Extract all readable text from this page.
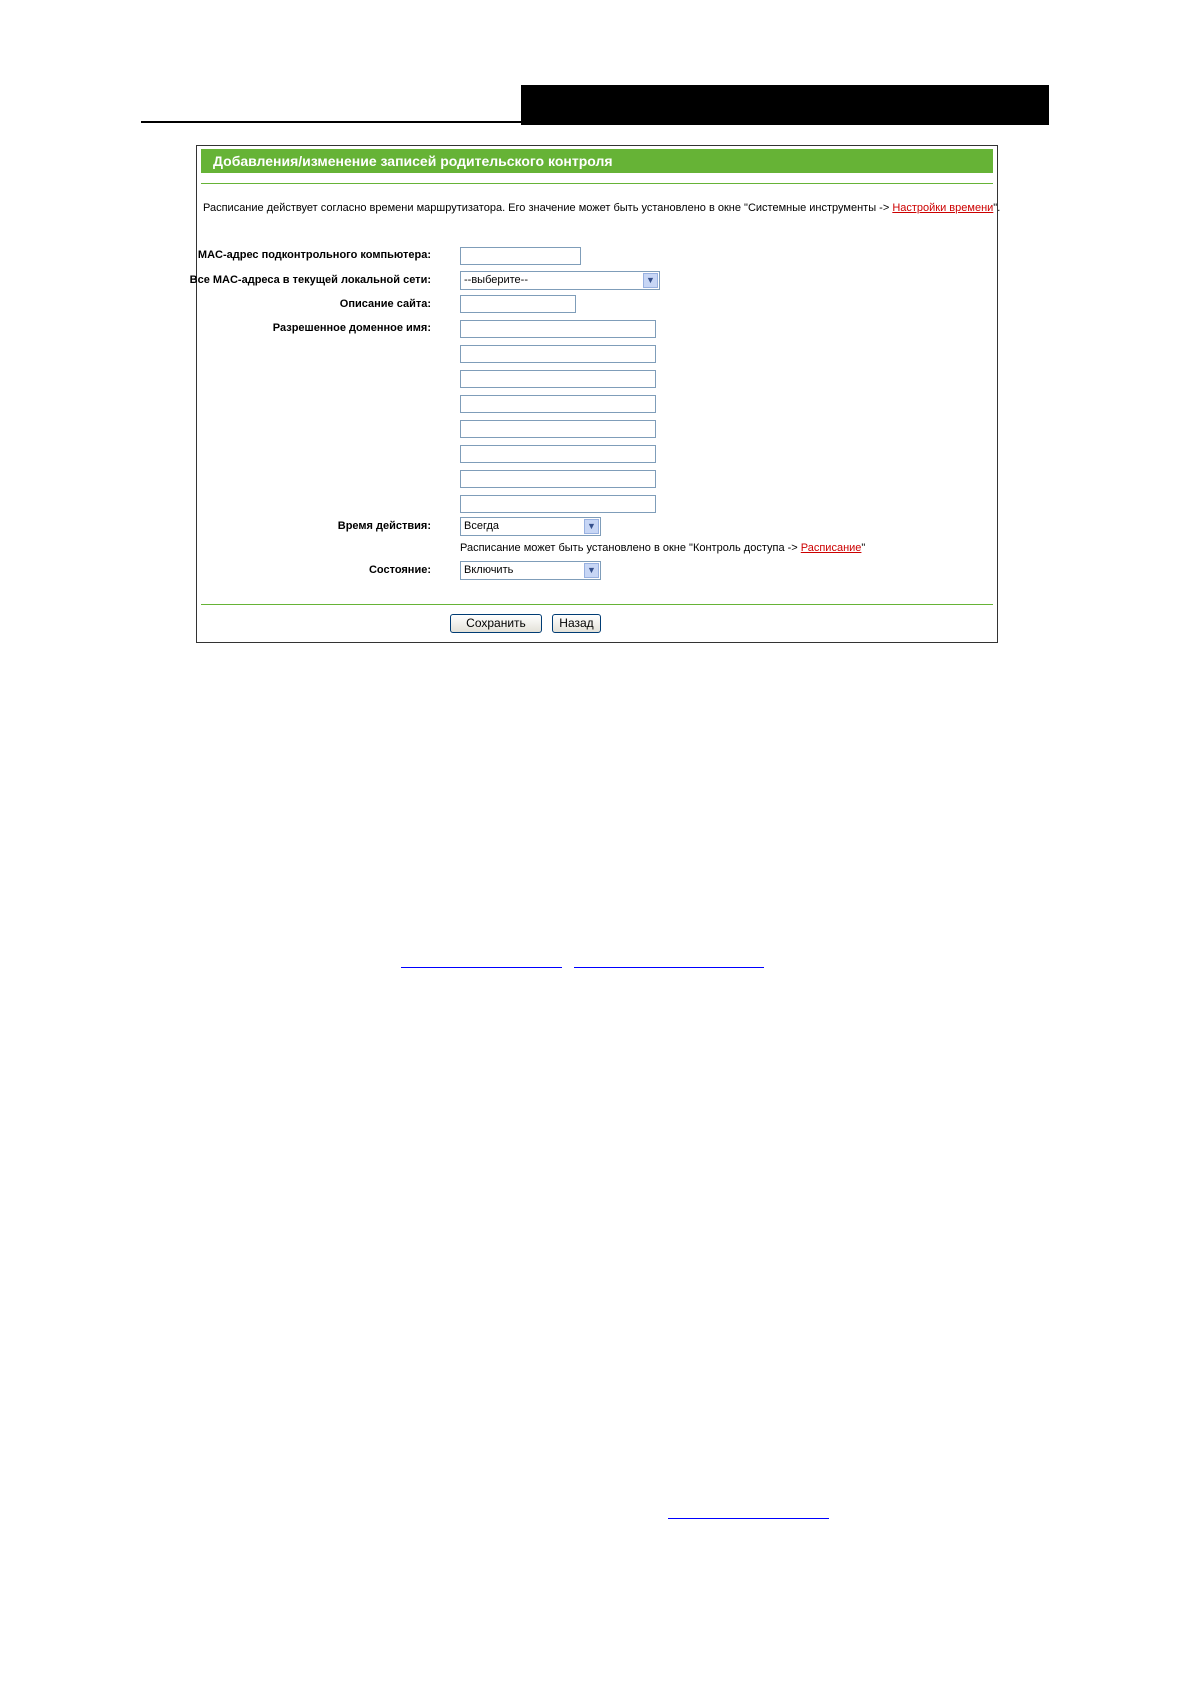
Добавления/изменение записей родительского контроля
Расписание действует согласно времени маршрутизатора. Его значение может быть установлено в окне "Системные инструменты -> Настройки времени".
MAC-адрес подконтрольного компьютера:
Все MAC-адреса в текущей локальной сети:	--выберите--	▼
Описание сайта:
Разрешенное доменное имя:
Время действия:	Всегда	▼
Расписание может быть установлено в окне "Контроль доступа -> Расписание"
Состояние:	Включить	▼
Сохранить	Назад
